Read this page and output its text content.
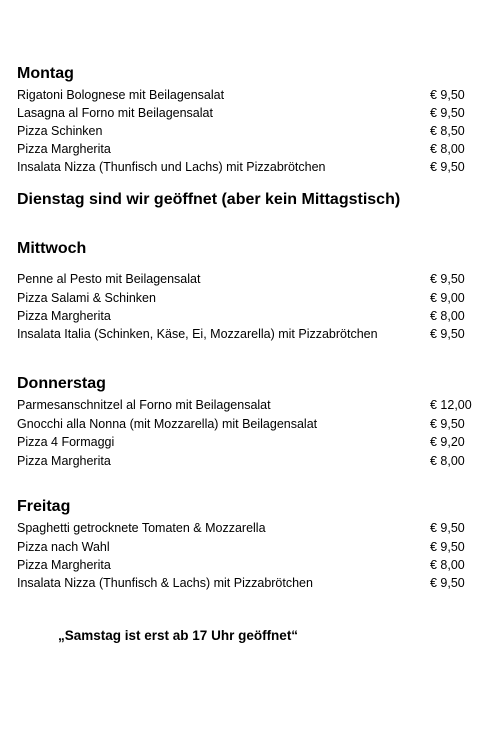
Montag
Rigatoni Bolognese mit Beilagensalat	€ 9,50
Lasagna al Forno mit Beilagensalat	€ 9,50
Pizza Schinken	€ 8,50
Pizza Margherita	€ 8,00
Insalata Nizza (Thunfisch und Lachs) mit Pizzabrötchen	€ 9,50
Dienstag sind wir geöffnet (aber kein Mittagstisch)
Mittwoch
Penne al Pesto mit Beilagensalat	€ 9,50
Pizza Salami & Schinken	€ 9,00
Pizza Margherita	€ 8,00
Insalata Italia (Schinken, Käse, Ei, Mozzarella) mit Pizzabrötchen	€ 9,50
Donnerstag
Parmesanschnitzel al Forno mit Beilagensalat	€ 12,00
Gnocchi alla Nonna (mit Mozzarella) mit Beilagensalat	€ 9,50
Pizza 4 Formaggi	€ 9,20
Pizza Margherita	€ 8,00
Freitag
Spaghetti getrocknete Tomaten & Mozzarella	€ 9,50
Pizza nach Wahl	€ 9,50
Pizza Margherita	€ 8,00
Insalata Nizza (Thunfisch & Lachs) mit Pizzabrötchen	€ 9,50
„Samstag ist erst ab 17 Uhr geöffnet“
